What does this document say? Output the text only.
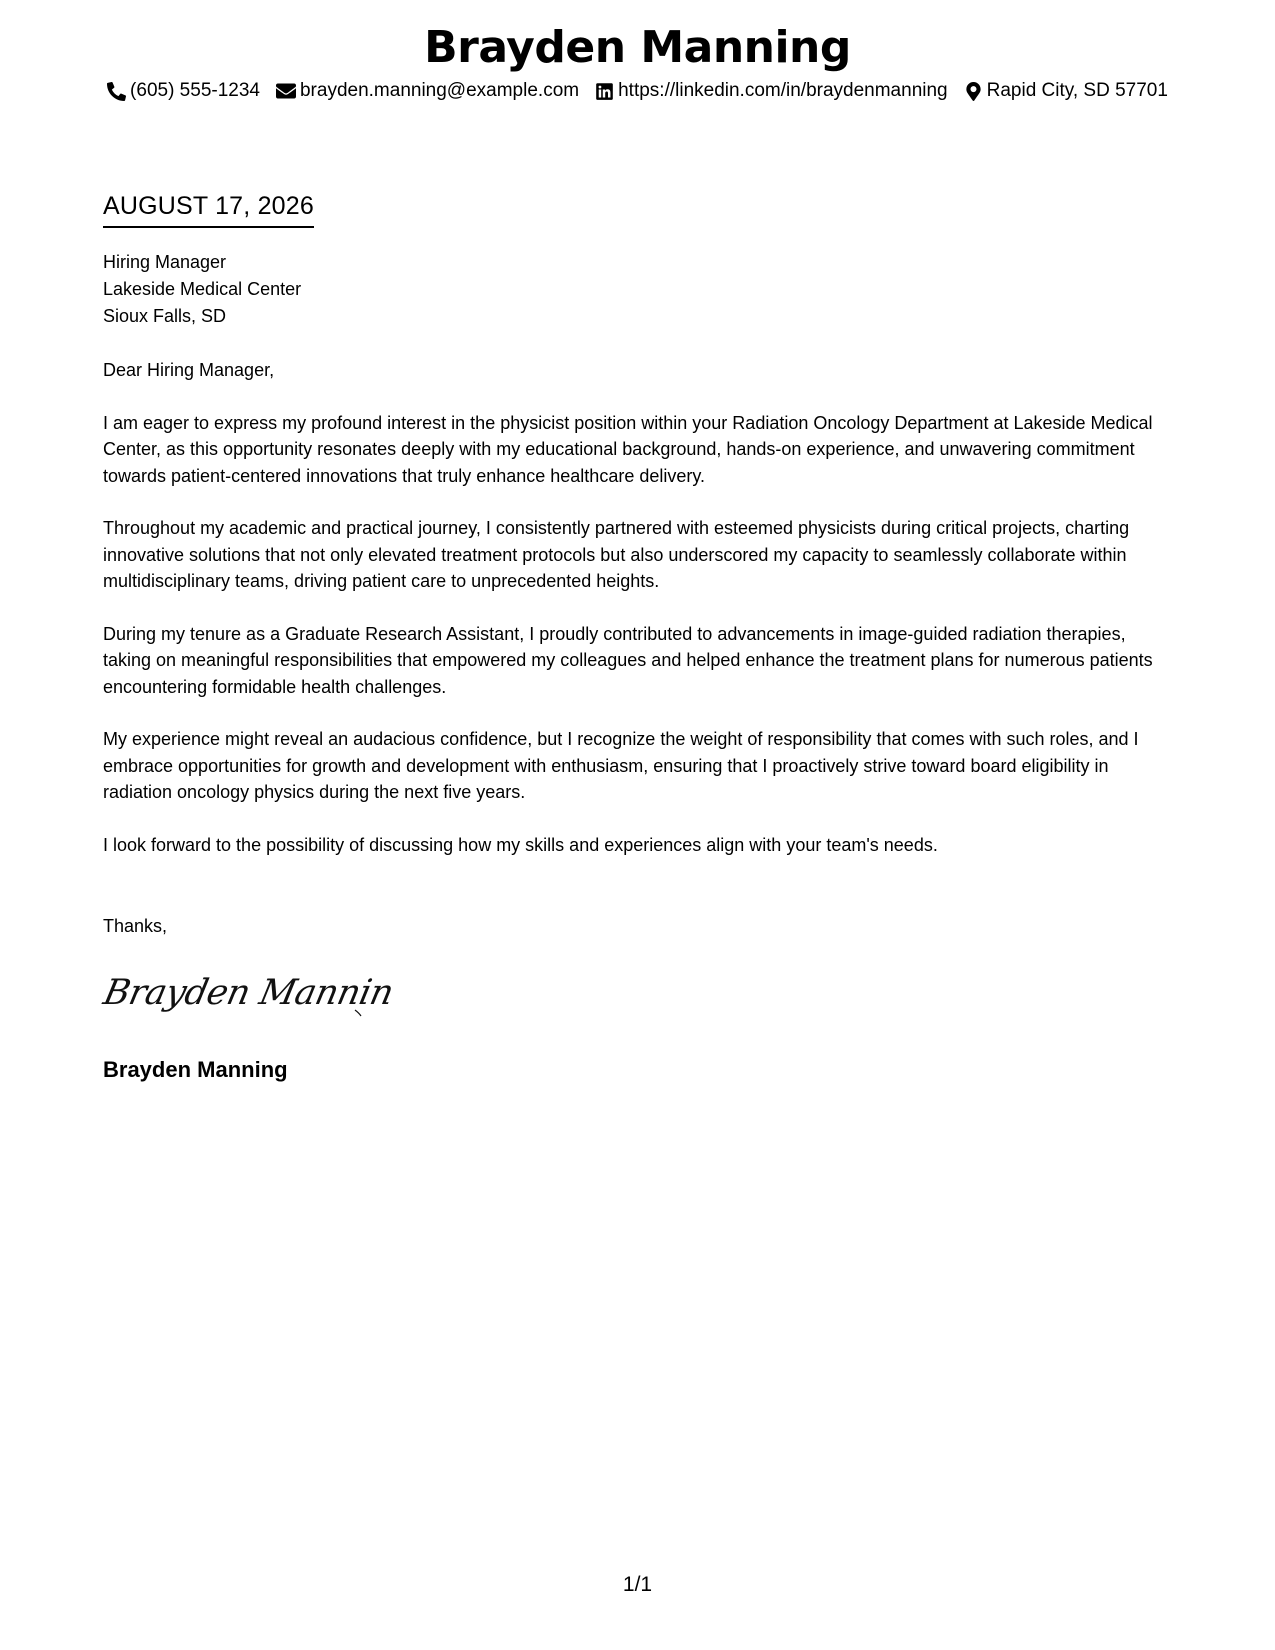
Brayden Manning
(605) 555-1234 brayden.manning@example.com https://linkedin.com/in/braydenmanning Rapid City, SD 57701
AUGUST 17, 2026
Hiring Manager
Lakeside Medical Center
Sioux Falls, SD

Dear Hiring Manager,

I am eager to express my profound interest in the physicist position within your Radiation Oncology Department at Lakeside Medical Center, as this opportunity resonates deeply with my educational background, hands-on experience, and unwavering commitment towards patient-centered innovations that truly enhance healthcare delivery.

Throughout my academic and practical journey, I consistently partnered with esteemed physicists during critical projects, charting innovative solutions that not only elevated treatment protocols but also underscored my capacity to seamlessly collaborate within multidisciplinary teams, driving patient care to unprecedented heights.

During my tenure as a Graduate Research Assistant, I proudly contributed to advancements in image-guided radiation therapies, taking on meaningful responsibilities that empowered my colleagues and helped enhance the treatment plans for numerous patients encountering formidable health challenges.

My experience might reveal an audacious confidence, but I recognize the weight of responsibility that comes with such roles, and I embrace opportunities for growth and development with enthusiasm, ensuring that I proactively strive toward board eligibility in radiation oncology physics during the next five years.

I look forward to the possibility of discussing how my skills and experiences align with your team's needs.

Thanks,
Brayden Mannin
Brayden Manning
1/1
